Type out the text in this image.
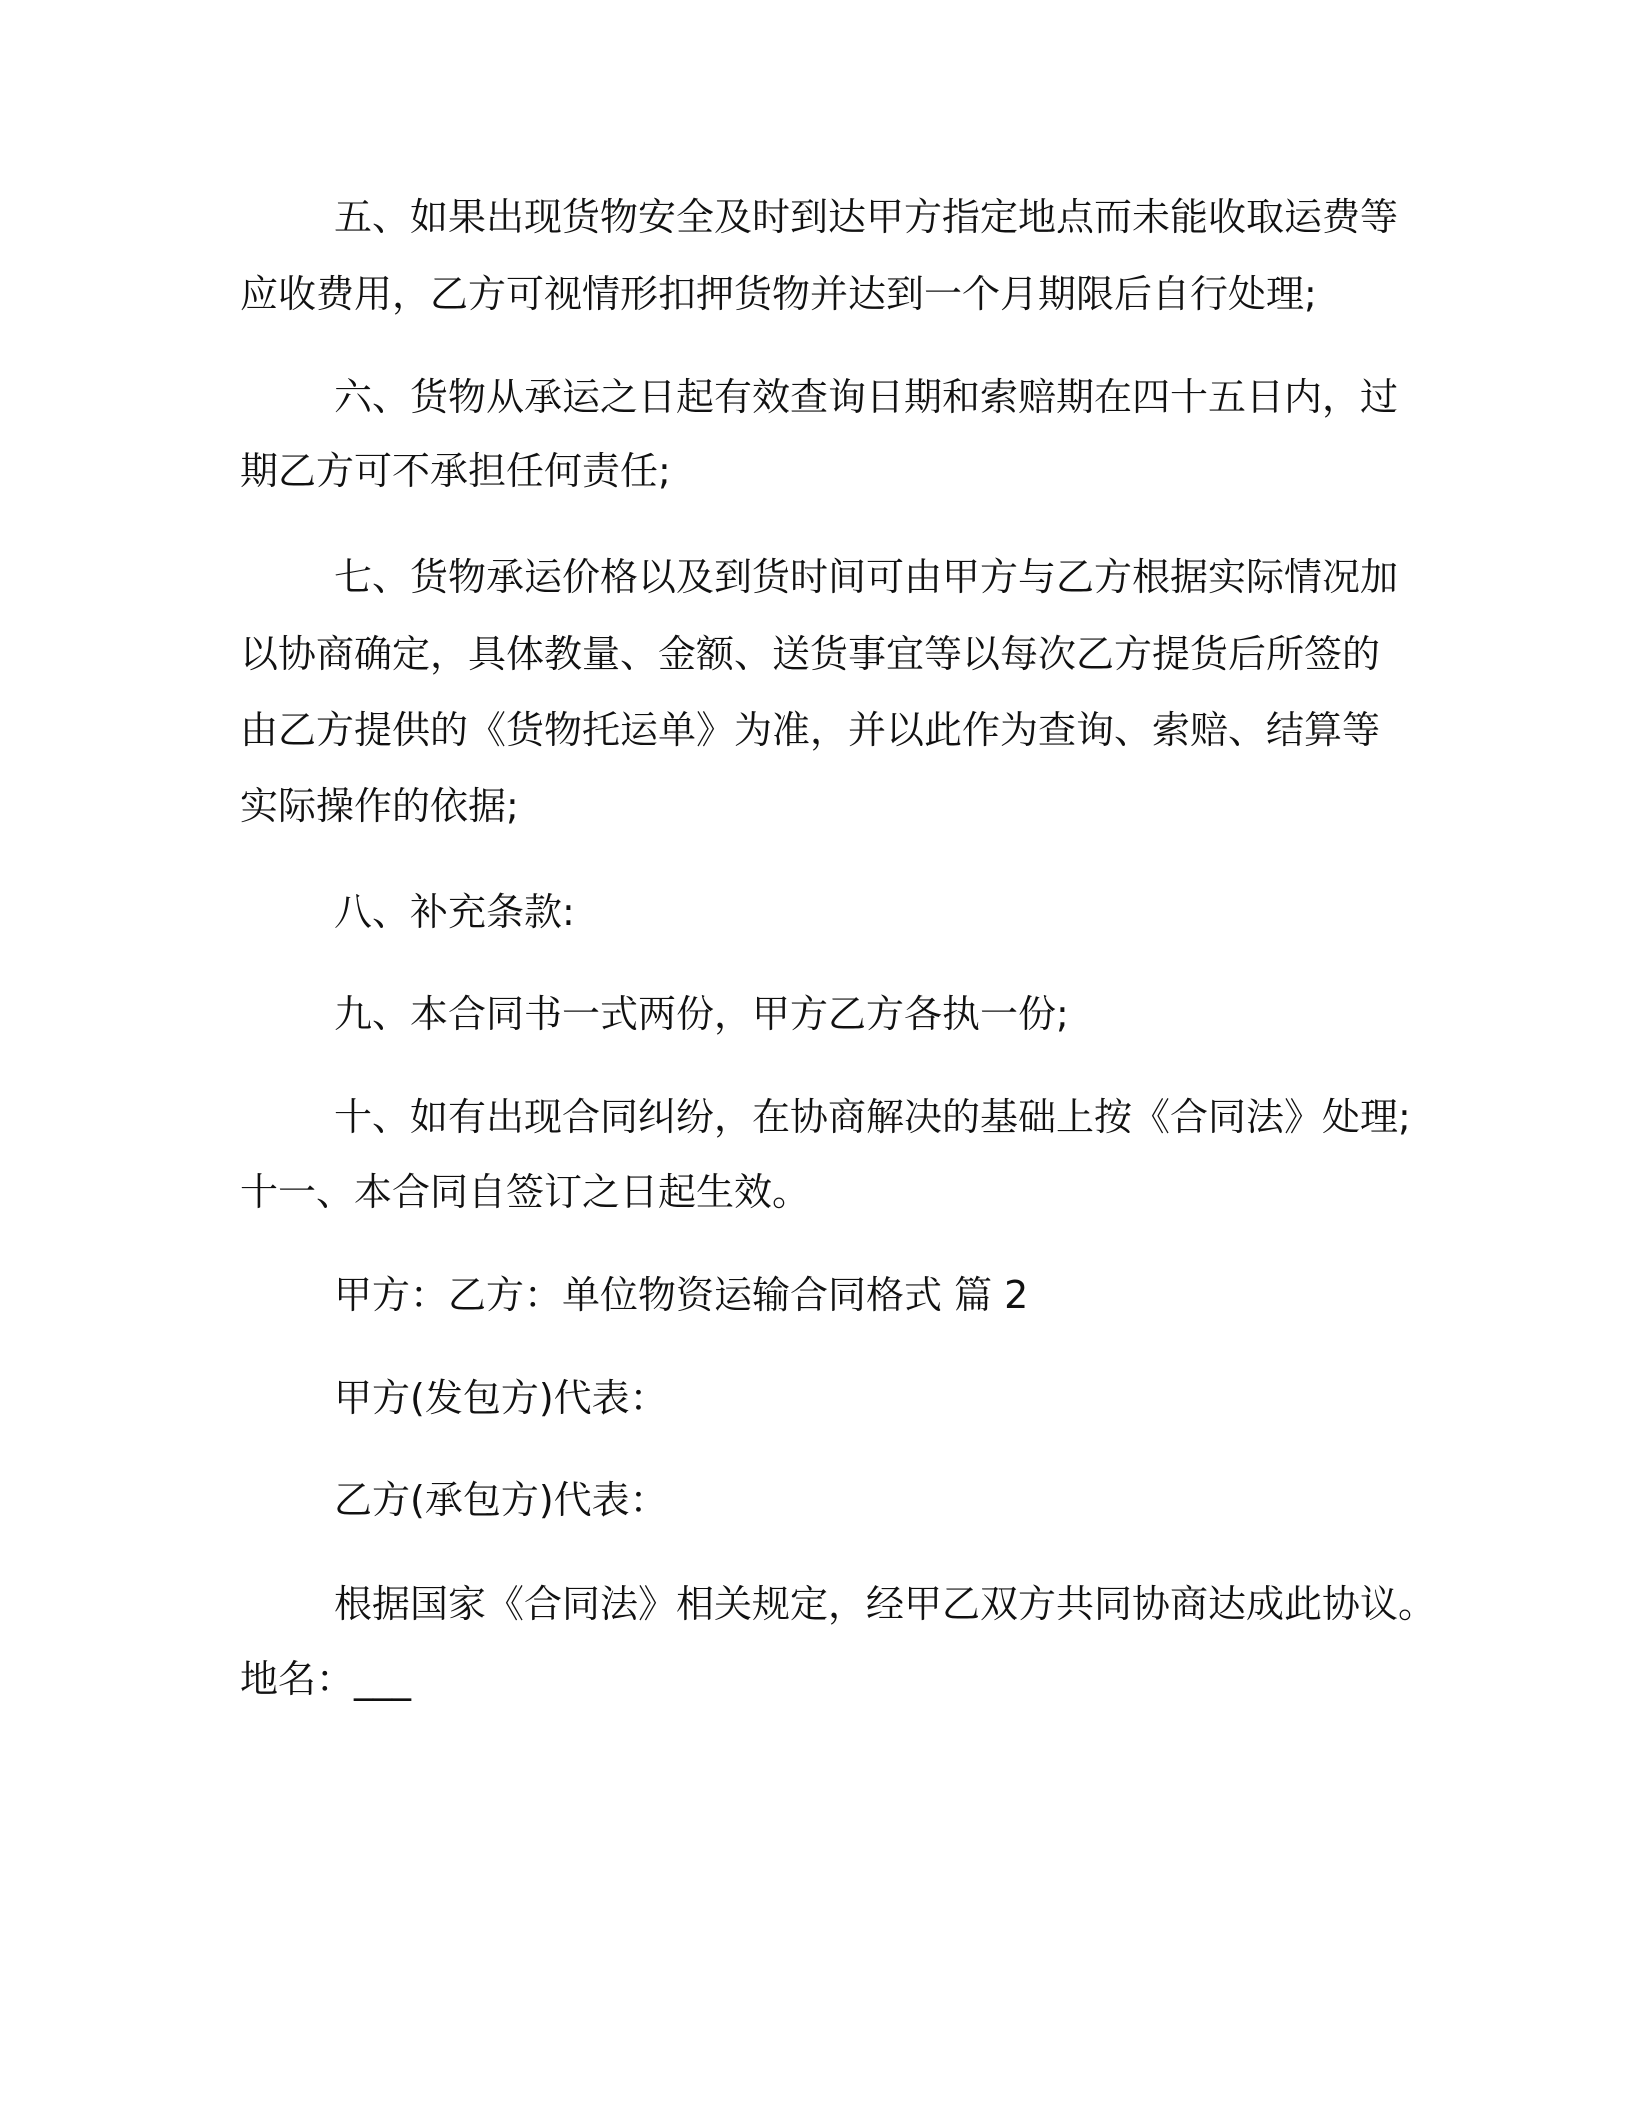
五、如果出现货物安全及时到达甲方指定地点而未能收取运费等
应收费用，乙方可视情形扣押货物并达到一个月期限后自行处理;
六、货物从承运之日起有效查询日期和索赔期在四十五日内，过
期乙方可不承担任何责任;
七、货物承运价格以及到货时间可由甲方与乙方根据实际情况加
以协商确定，具体教量、金额、送货事宜等以每次乙方提货后所签的
由乙方提供的《货物托运单》为准，并以此作为查询、索赔、结算等
实际操作的依据;
八、补充条款:
九、本合同书一式两份，甲方乙方各执一份;
十、如有出现合同纠纷，在协商解决的基础上按《合同法》处理;
十一、本合同自签订之日起生效。
甲方：乙方：单位物资运输合同格式 篇 2
甲方(发包方)代表：
乙方(承包方)代表：
根据国家《合同法》相关规定，经甲乙双方共同协商达成此协议。
地名：___
